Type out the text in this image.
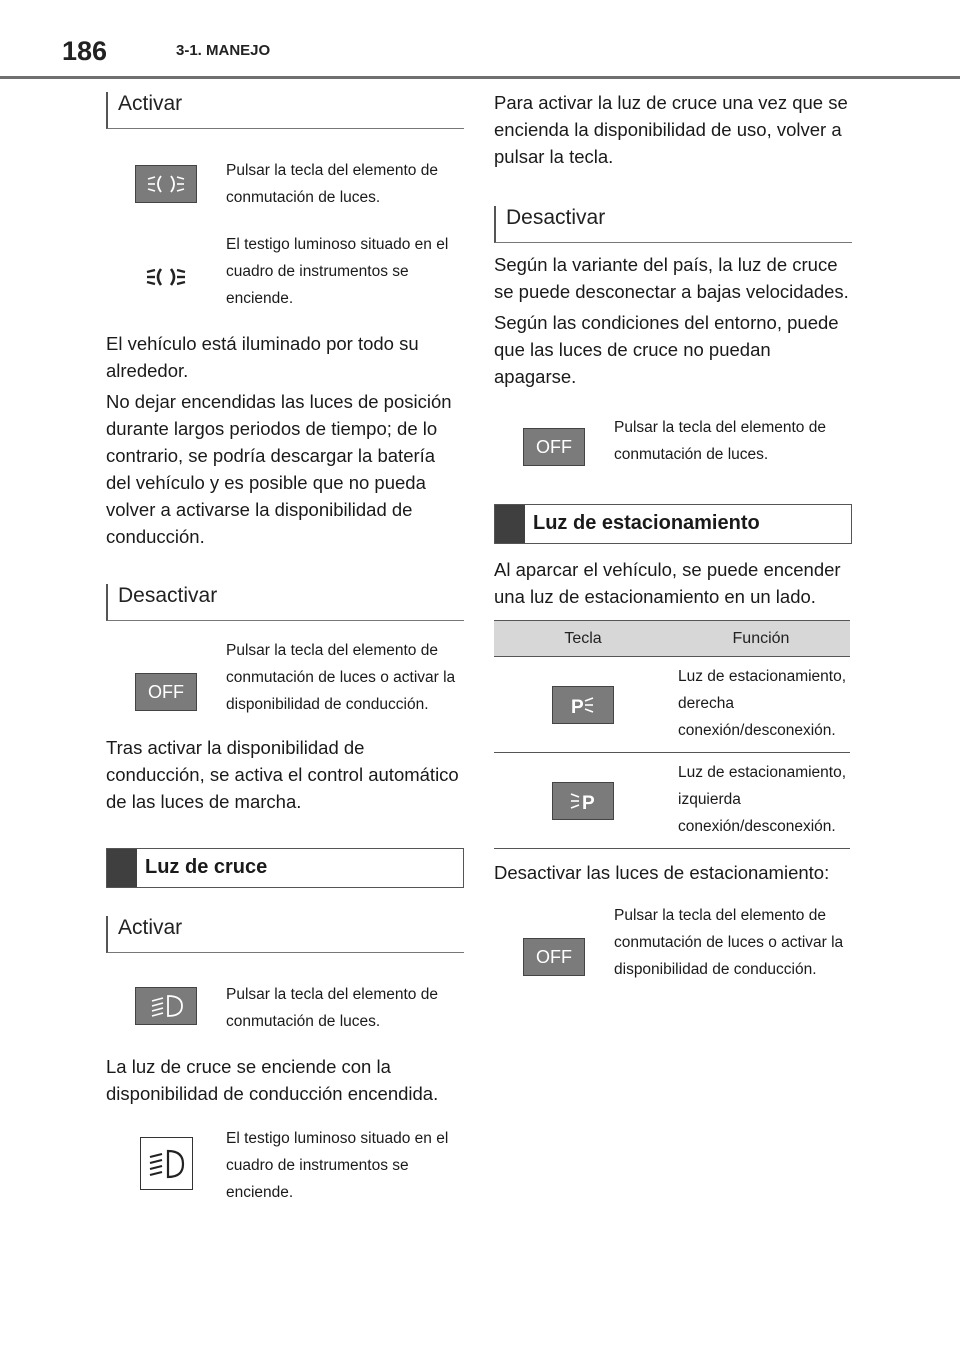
186	3-1. MANEJO
Activar
Pulsar la tecla del elemento de conmutación de luces.
El testigo luminoso situado en el cuadro de instrumentos se enciende.

El vehículo está iluminado por todo su alrededor.

No dejar encendidas las luces de posición durante largos periodos de tiempo; de lo contrario, se podría descargar la batería del vehículo y es posible que no pueda volver a activarse la disponibilidad de conducción.

Desactivar
OFF
Pulsar la tecla del elemento de conmutación de luces o activar la disponibilidad de conducción.

Tras activar la disponibilidad de conducción, se activa el control automático de las luces de marcha.

Luz de cruce
Activar
Pulsar la tecla del elemento de conmutación de luces.

La luz de cruce se enciende con la disponibilidad de conducción encendida.

El testigo luminoso situado en el cuadro de instrumentos se enciende.

Para activar la luz de cruce una vez que se encienda la disponibilidad de uso, volver a pulsar la tecla.

Desactivar

Según la variante del país, la luz de cruce se puede desconectar a bajas velocidades.

Según las condiciones del entorno, puede que las luces de cruce no puedan apagarse.

OFF
Pulsar la tecla del elemento de conmutación de luces.
Luz de estacionamiento

Al aparcar el vehículo, se puede encender una luz de estacionamiento en un lado.

Tecla	Función

P	Luz de estacionamiento, derecha conexión/desconexión.

P	Luz de estacionamiento, izquierda conexión/desconexión.

Desactivar las luces de estacionamiento:

OFF
Pulsar la tecla del elemento de conmutación de luces o activar la disponibilidad de conducción.
